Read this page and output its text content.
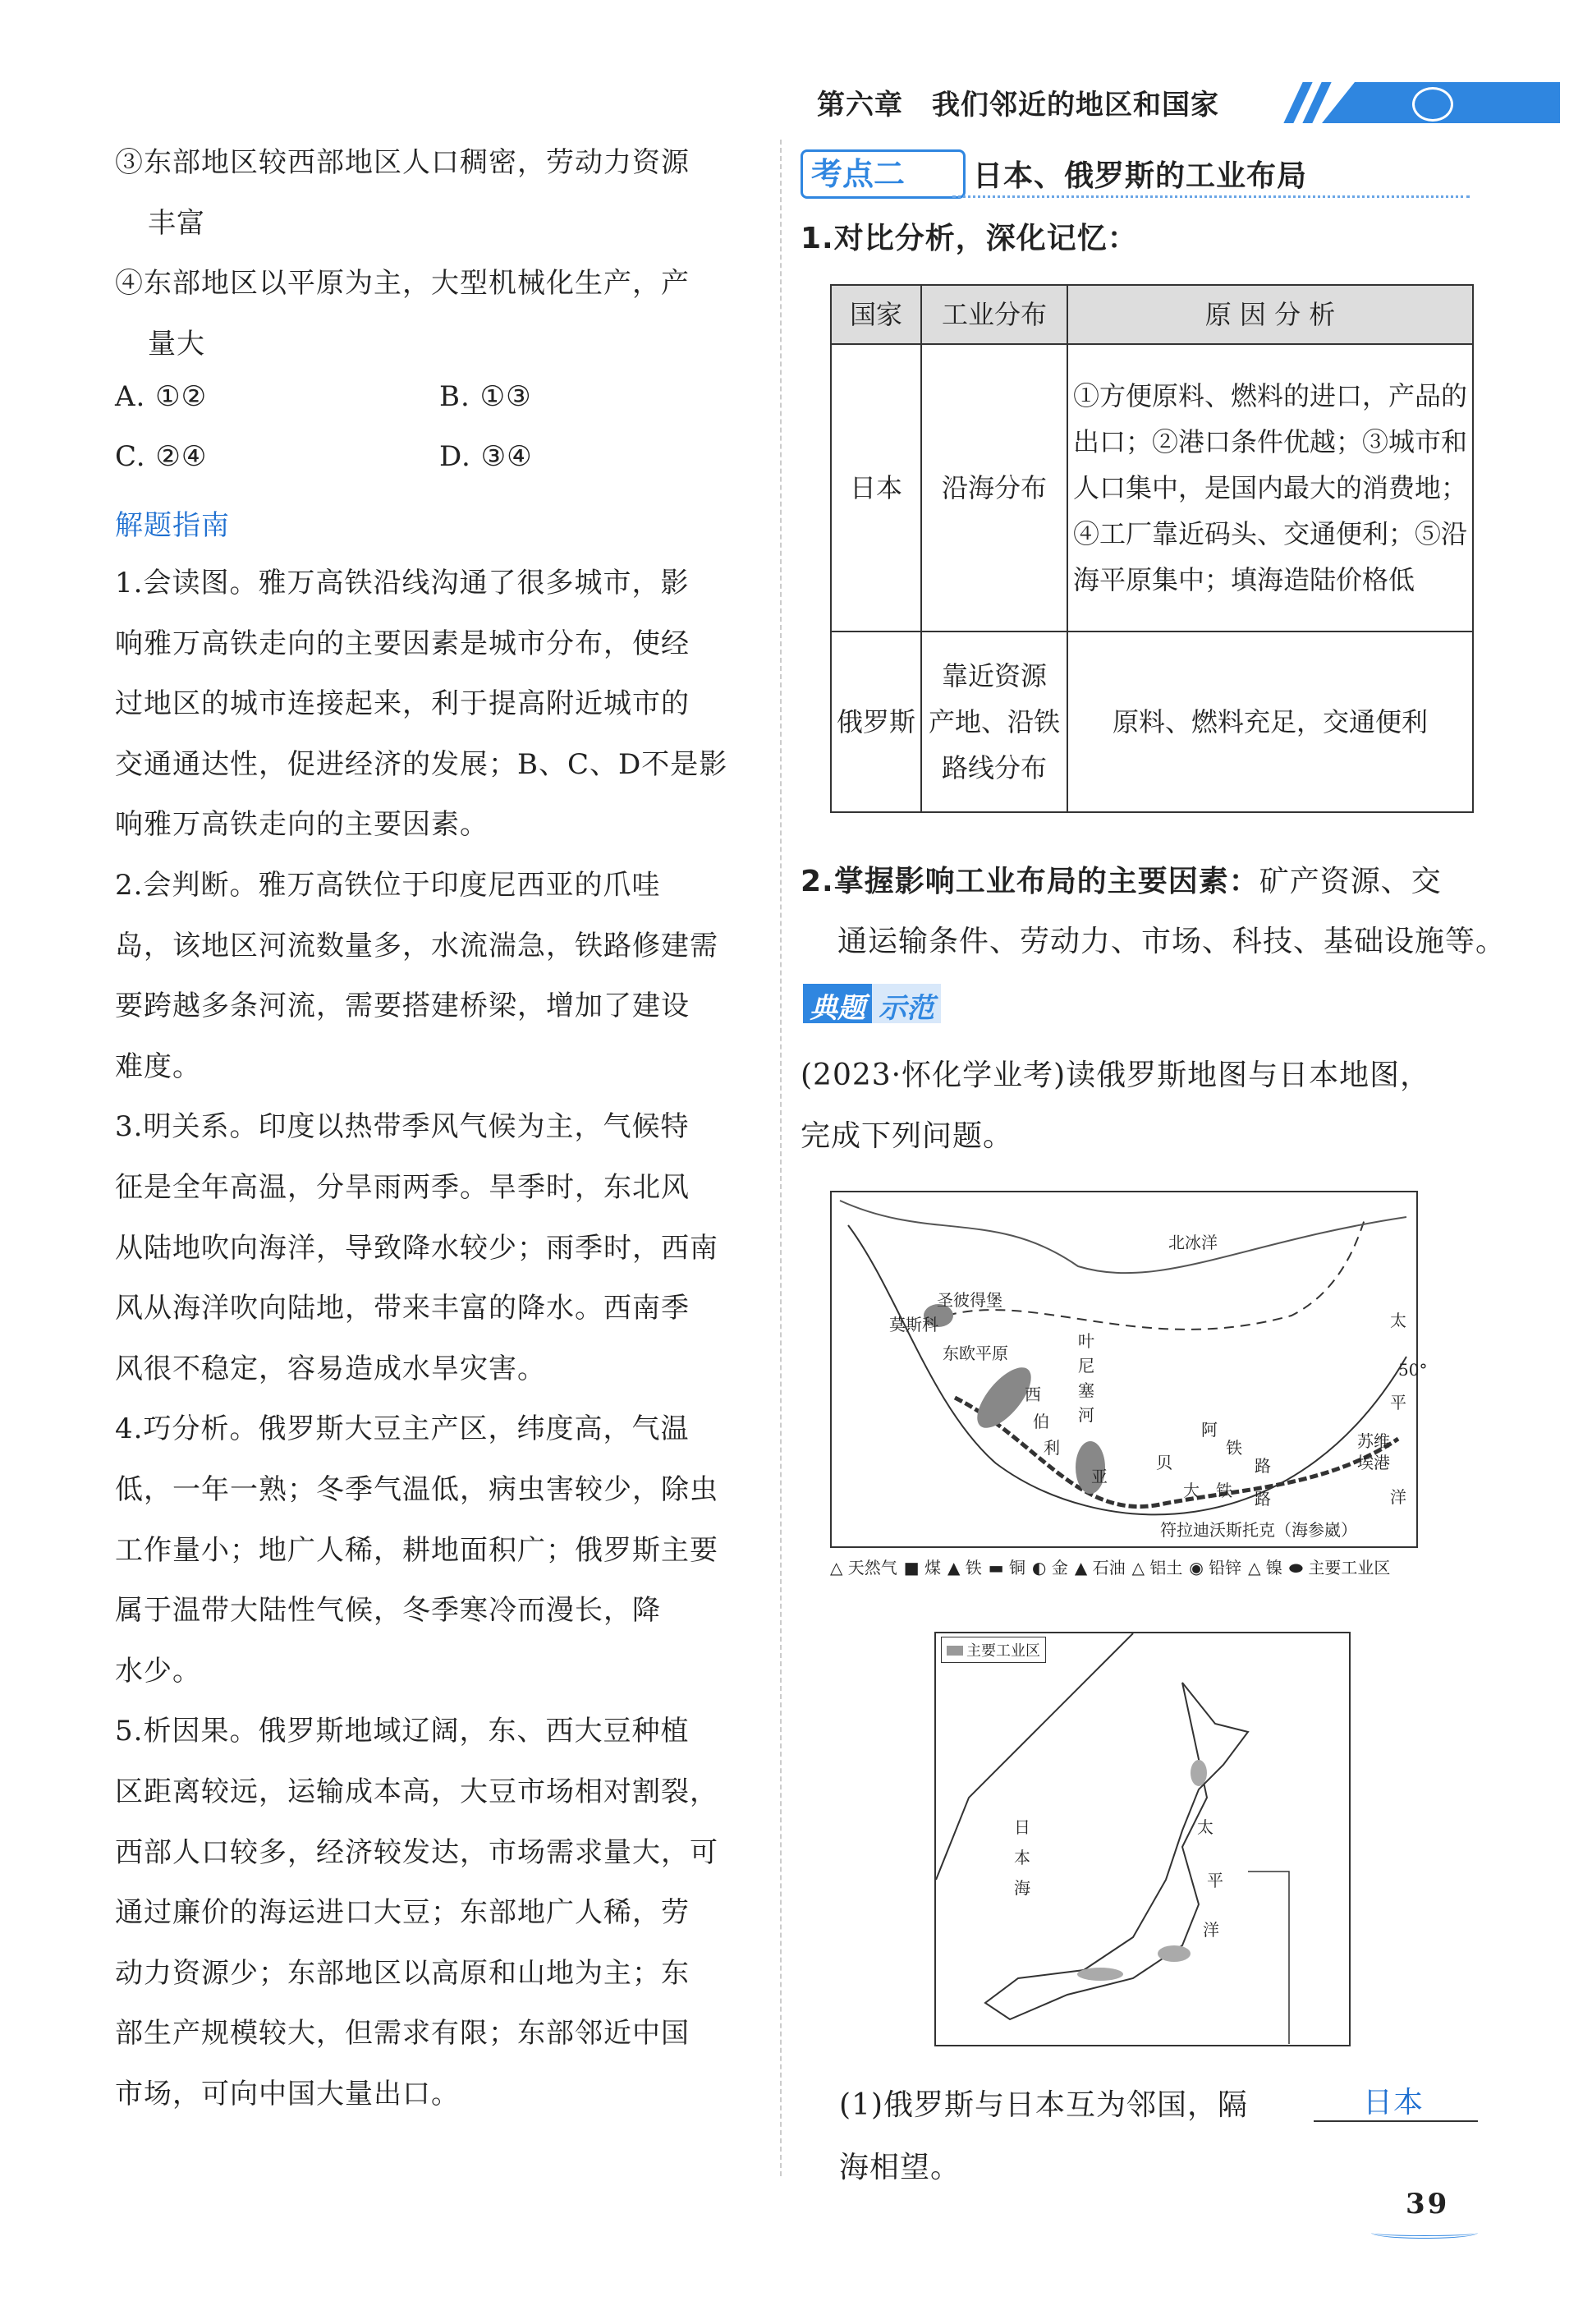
第六章　我们邻近的地区和国家
③东部地区较西部地区人口稠密，劳动力资源
丰富
④东部地区以平原为主，大型机械化生产，产
量大
A. ①②	B. ①③
C. ②④	D. ③④
解题指南
1.会读图。雅万高铁沿线沟通了很多城市，影
响雅万高铁走向的主要因素是城市分布，使经
过地区的城市连接起来，利于提高附近城市的
交通通达性，促进经济的发展；B、C、D不是影
响雅万高铁走向的主要因素。
2.会判断。雅万高铁位于印度尼西亚的爪哇
岛，该地区河流数量多，水流湍急，铁路修建需
要跨越多条河流，需要搭建桥梁，增加了建设
难度。
3.明关系。印度以热带季风气候为主，气候特
征是全年高温，分旱雨两季。旱季时，东北风
从陆地吹向海洋，导致降水较少；雨季时，西南
风从海洋吹向陆地，带来丰富的降水。西南季
风很不稳定，容易造成水旱灾害。
4.巧分析。俄罗斯大豆主产区，纬度高，气温
低，一年一熟；冬季气温低，病虫害较少，除虫
工作量小；地广人稀，耕地面积广；俄罗斯主要
属于温带大陆性气候，冬季寒冷而漫长，降
水少。
5.析因果。俄罗斯地域辽阔，东、西大豆种植
区距离较远，运输成本高，大豆市场相对割裂，
西部人口较多，经济较发达，市场需求量大，可
通过廉价的海运进口大豆；东部地广人稀，劳
动力资源少；东部地区以高原和山地为主；东
部生产规模较大，但需求有限；东部邻近中国
市场，可向中国大量出口。
考点二	日本、俄罗斯的工业布局
1.对比分析，深化记忆：
国家	工业分布	原 因 分 析
日本	沿海分布	①方便原料、燃料的进口，产品的
出口；②港口条件优越；③城市和
人口集中，是国内最大的消费地；
④工厂靠近码头、交通便利；⑤沿
海平原集中；填海造陆价格低

俄罗斯	靠近资源
产地、沿铁
路线分布	原料、燃料充足，交通便利
2.掌握影响工业布局的主要因素：矿产资源、交
通运输条件、劳动力、市场、科技、基础设施等。
典题 示范
(2023·怀化学业考)读俄罗斯地图与日本地图，
完成下列问题。
北冰洋
圣彼得堡
莫斯科
东欧平原
叶
尼
塞
河
西
伯
利
亚
贝
阿
铁
路
大 铁 路
苏维
埃港
太
平
洋
50°
符拉迪沃斯托克（海参崴）
△ 天然气 ■ 煤 ▲ 铁 ▬ 铜 ◐ 金 ▲ 石油 △ 铝土 ◉ 铅锌 △ 镍 ⬬ 主要工业区
主要工业区
日
本
海
太
平
洋
(1)俄罗斯与日本互为邻国，隔	日本
海相望。
39
